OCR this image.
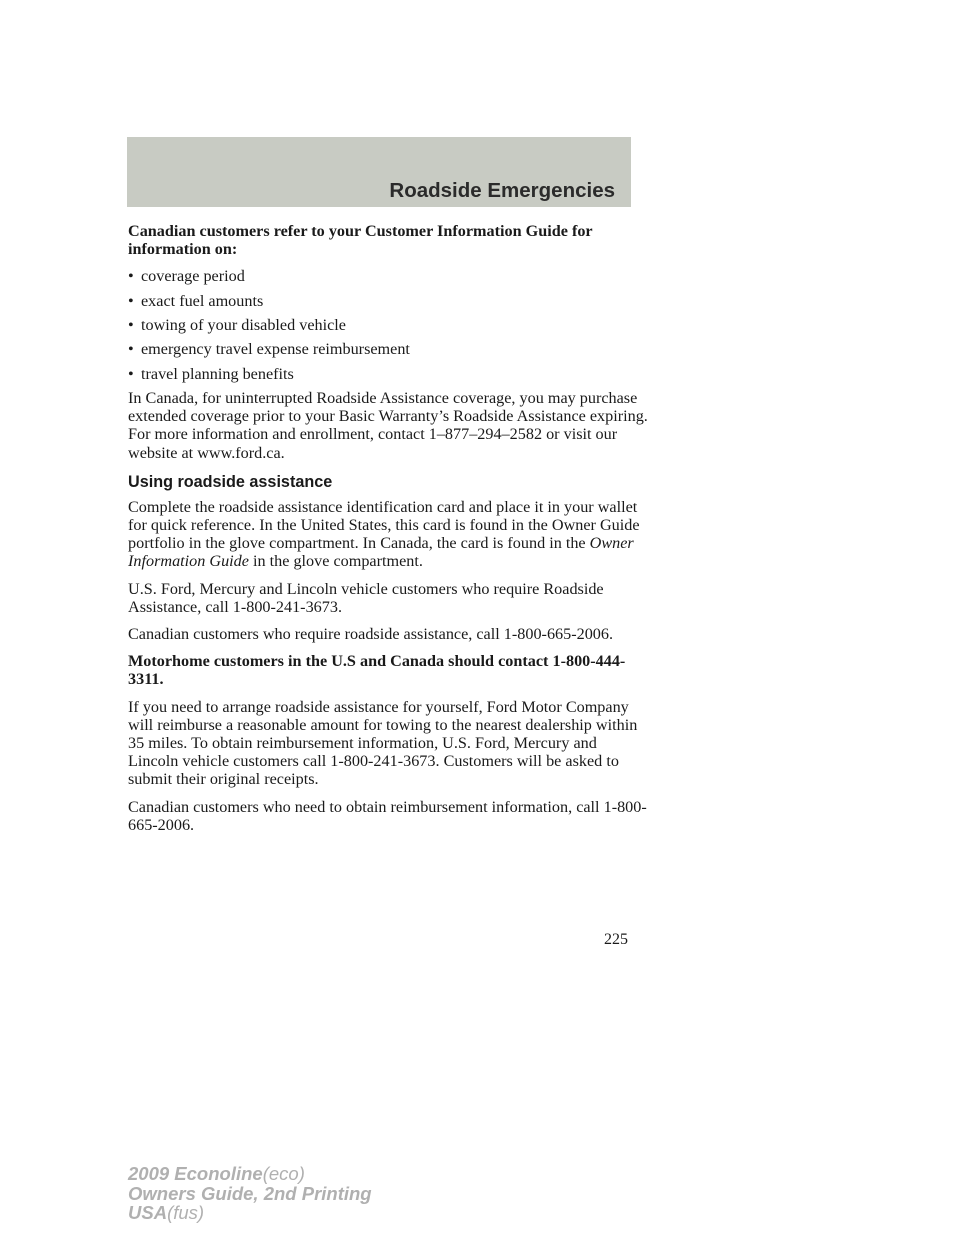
Roadside Emergencies

Canadian customers refer to your Customer Information Guide for information on:

• coverage period
• exact fuel amounts
• towing of your disabled vehicle
• emergency travel expense reimbursement
• travel planning benefits

In Canada, for uninterrupted Roadside Assistance coverage, you may purchase extended coverage prior to your Basic Warranty’s Roadside Assistance expiring. For more information and enrollment, contact 1–877–294–2582 or visit our website at www.ford.ca.

Using roadside assistance

Complete the roadside assistance identification card and place it in your wallet for quick reference. In the United States, this card is found in the Owner Guide portfolio in the glove compartment. In Canada, the card is found in the Owner Information Guide in the glove compartment.

U.S. Ford, Mercury and Lincoln vehicle customers who require Roadside Assistance, call 1-800-241-3673.

Canadian customers who require roadside assistance, call 1-800-665-2006.

Motorhome customers in the U.S and Canada should contact 1-800-444-3311.

If you need to arrange roadside assistance for yourself, Ford Motor Company will reimburse a reasonable amount for towing to the nearest dealership within 35 miles. To obtain reimbursement information, U.S. Ford, Mercury and Lincoln vehicle customers call 1-800-241-3673. Customers will be asked to submit their original receipts.

Canadian customers who need to obtain reimbursement information, call 1-800-665-2006.

225
2009 Econoline(eco)
Owners Guide, 2nd Printing
USA(fus)
